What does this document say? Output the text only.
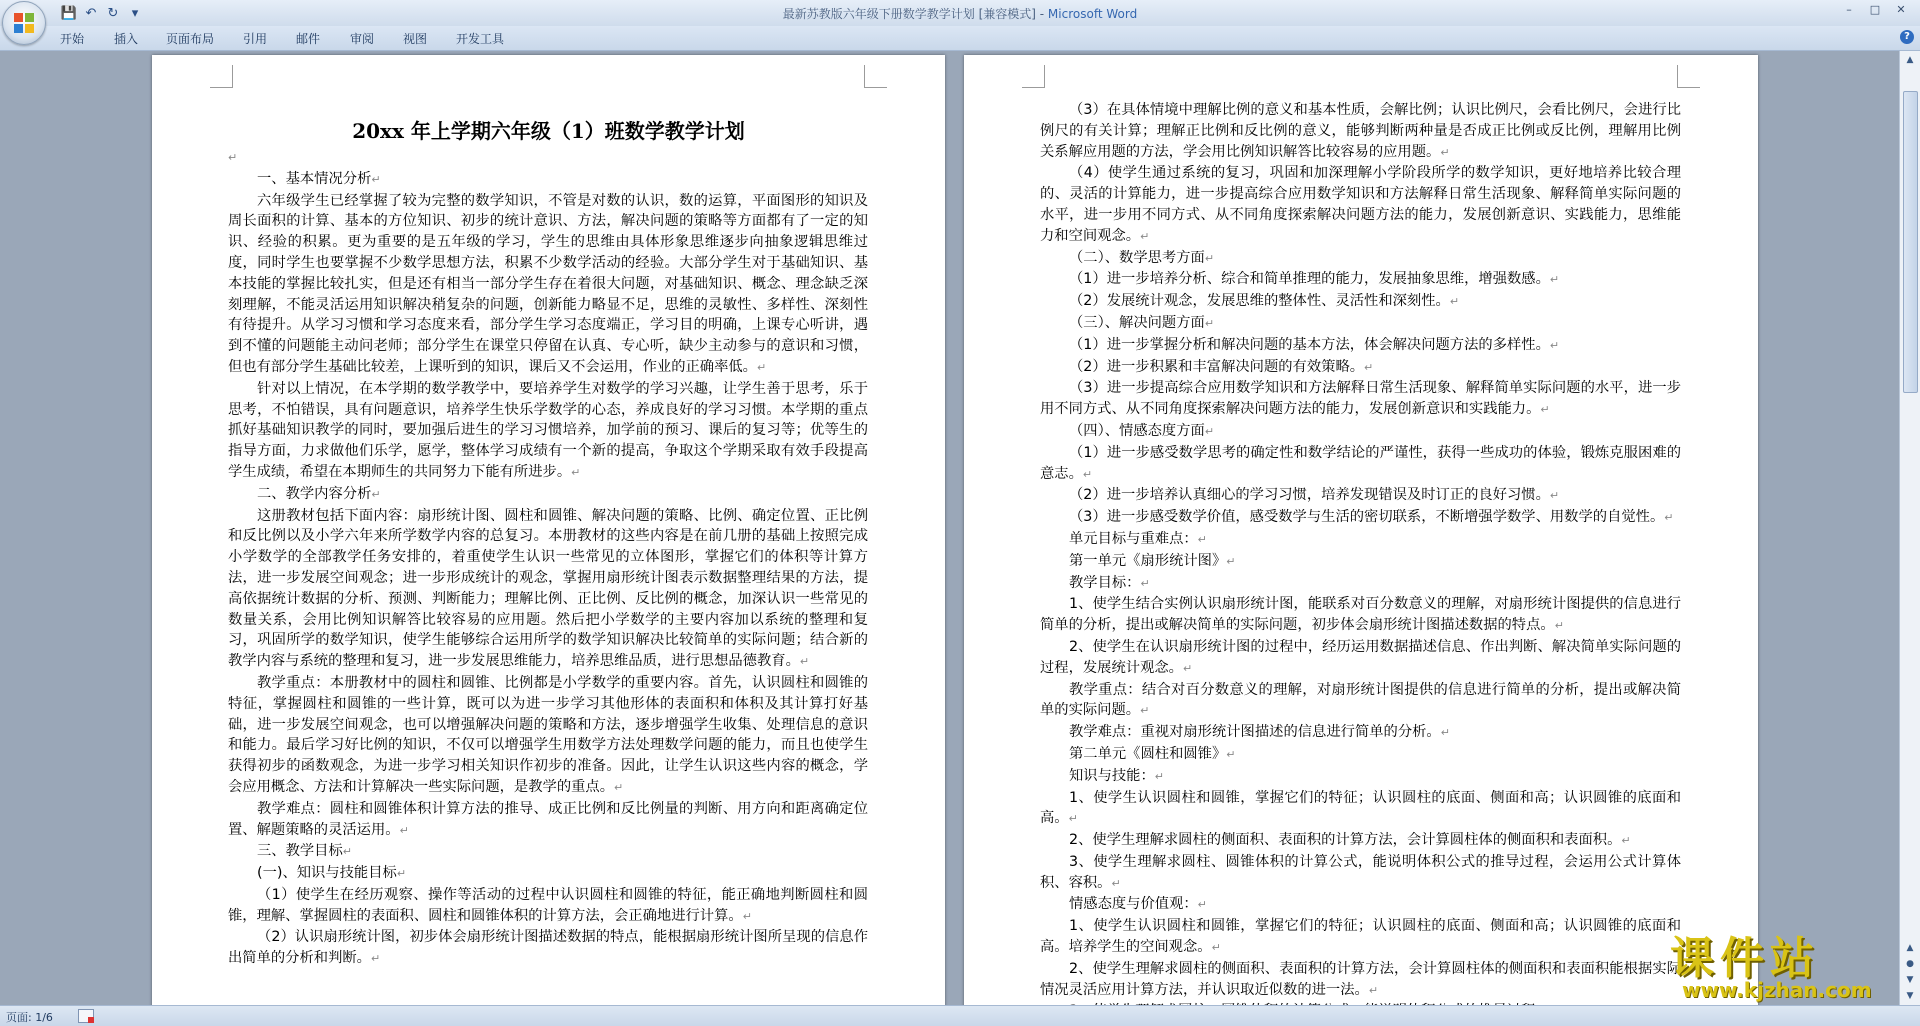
💾 ↶ ↻ ▾	最新苏教版六年级下册数学教学计划 [兼容模式] - Microsoft Word	– □ ✕
开始 插入 页面布局 引用 邮件 审阅 视图 开发工具	?
20xx 年上学期六年级（1）班数学教学计划

↵

一、基本情况分析↵

六年级学生已经掌握了较为完整的数学知识，不管是对数的认识，数的运算，平面图形的知识及周长面积的计算、基本的方位知识、初步的统计意识、方法，解决问题的策略等方面都有了一定的知识、经验的积累。更为重要的是五年级的学习，学生的思维由具体形象思维逐步向抽象逻辑思维过度，同时学生也要掌握不少数学思想方法，积累不少数学活动的经验。大部分学生对于基础知识、基本技能的掌握比较扎实，但是还有相当一部分学生存在着很大问题，对基础知识、概念、理念缺乏深刻理解，不能灵活运用知识解决稍复杂的问题，创新能力略显不足，思维的灵敏性、多样性、深刻性有待提升。从学习习惯和学习态度来看，部分学生学习态度端正，学习目的明确，上课专心听讲，遇到不懂的问题能主动问老师；部分学生在课堂只停留在认真、专心听，缺少主动参与的意识和习惯，但也有部分学生基础比较差，上课听到的知识，课后又不会运用，作业的正确率低。↵

针对以上情况，在本学期的数学教学中，要培养学生对数学的学习兴趣，让学生善于思考，乐于思考，不怕错误，具有问题意识，培养学生快乐学数学的心态，养成良好的学习习惯。本学期的重点抓好基础知识教学的同时，要加强后进生的学习习惯培养，加学前的预习、课后的复习等；优等生的指导方面，力求做他们乐学，愿学，整体学习成绩有一个新的提高，争取这个学期采取有效手段提高学生成绩，希望在本期师生的共同努力下能有所进步。↵

二、教学内容分析↵

这册教材包括下面内容：扇形统计图、圆柱和圆锥、解决问题的策略、比例、确定位置、正比例和反比例以及小学六年来所学数学内容的总复习。本册教材的这些内容是在前几册的基础上按照完成小学数学的全部教学任务安排的，着重使学生认识一些常见的立体图形，掌握它们的体积等计算方法，进一步发展空间观念；进一步形成统计的观念，掌握用扇形统计图表示数据整理结果的方法，提高依据统计数据的分析、预测、判断能力；理解比例、正比例、反比例的概念，加深认识一些常见的数量关系，会用比例知识解答比较容易的应用题。然后把小学数学的主要内容加以系统的整理和复习，巩固所学的数学知识，使学生能够综合运用所学的数学知识解决比较简单的实际问题；结合新的教学内容与系统的整理和复习，进一步发展思维能力，培养思维品质，进行思想品德教育。↵

教学重点：本册教材中的圆柱和圆锥、比例都是小学数学的重要内容。首先，认识圆柱和圆锥的特征，掌握圆柱和圆锥的一些计算，既可以为进一步学习其他形体的表面积和体积及其计算打好基础，进一步发展空间观念，也可以增强解决问题的策略和方法，逐步增强学生收集、处理信息的意识和能力。最后学习好比例的知识，不仅可以增强学生用数学方法处理数学问题的能力，而且也使学生获得初步的函数观念，为进一步学习相关知识作初步的准备。因此，让学生认识这些内容的概念，学会应用概念、方法和计算解决一些实际问题，是教学的重点。↵

教学难点：圆柱和圆锥体积计算方法的推导、成正比例和反比例量的判断、用方向和距离确定位置、解题策略的灵活运用。↵

三、教学目标↵

(一)、知识与技能目标↵

（1）使学生在经历观察、操作等活动的过程中认识圆柱和圆锥的特征，能正确地判断圆柱和圆锥，理解、掌握圆柱的表面积、圆柱和圆锥体积的计算方法，会正确地进行计算。↵

（2）认识扇形统计图，初步体会扇形统计图描述数据的特点，能根据扇形统计图所呈现的信息作出简单的分析和判断。↵

（3）在具体情境中理解比例的意义和基本性质，会解比例；认识比例尺，会看比例尺，会进行比例尺的有关计算；理解正比例和反比例的意义，能够判断两种量是否成正比例或反比例，理解用比例关系解应用题的方法，学会用比例知识解答比较容易的应用题。↵

（4）使学生通过系统的复习，巩固和加深理解小学阶段所学的数学知识，更好地培养比较合理的、灵活的计算能力，进一步提高综合应用数学知识和方法解释日常生活现象、解释简单实际问题的水平，进一步用不同方式、从不同角度探索解决问题方法的能力，发展创新意识、实践能力，思维能力和空间观念。↵

（二）、数学思考方面↵

（1）进一步培养分析、综合和简单推理的能力，发展抽象思维，增强数感。↵

（2）发展统计观念，发展思维的整体性、灵活性和深刻性。↵

（三）、解决问题方面↵

（1）进一步掌握分析和解决问题的基本方法，体会解决问题方法的多样性。↵

（2）进一步积累和丰富解决问题的有效策略。↵

（3）进一步提高综合应用数学知识和方法解释日常生活现象、解释简单实际问题的水平，进一步用不同方式、从不同角度探索解决问题方法的能力，发展创新意识和实践能力。↵

（四）、情感态度方面↵

（1）进一步感受数学思考的确定性和数学结论的严谨性，获得一些成功的体验，锻炼克服困难的意志。↵

（2）进一步培养认真细心的学习习惯，培养发现错误及时订正的良好习惯。↵

（3）进一步感受数学价值，感受数学与生活的密切联系，不断增强学数学、用数学的自觉性。↵

单元目标与重难点：↵

第一单元《扇形统计图》↵

教学目标：↵

1、使学生结合实例认识扇形统计图，能联系对百分数意义的理解，对扇形统计图提供的信息进行简单的分析，提出或解决简单的实际问题，初步体会扇形统计图描述数据的特点。↵

2、使学生在认识扇形统计图的过程中，经历运用数据描述信息、作出判断、解决简单实际问题的过程，发展统计观念。↵

教学重点：结合对百分数意义的理解，对扇形统计图提供的信息进行简单的分析，提出或解决简单的实际问题。↵

教学难点：重视对扇形统计图描述的信息进行简单的分析。↵

第二单元《圆柱和圆锥》↵

知识与技能：↵

1、使学生认识圆柱和圆锥，掌握它们的特征；认识圆柱的底面、侧面和高；认识圆锥的底面和高。↵

2、使学生理解求圆柱的侧面积、表面积的计算方法，会计算圆柱体的侧面积和表面积。↵

3、使学生理解求圆柱、圆锥体积的计算公式，能说明体积公式的推导过程，会运用公式计算体积、容积。↵

情感态度与价值观：↵

1、使学生认识圆柱和圆锥，掌握它们的特征；认识圆柱的底面、侧面和高；认识圆锥的底面和高。培养学生的空间观念。↵

2、使学生理解求圆柱的侧面积、表面积的计算方法，会计算圆柱体的侧面积和表面积能根据实际情况灵活应用计算方法，并认识取近似数的进一法。↵

▲
▲
●
▼
▼
页面: 1/6
课件站
www.kjzhan.com
